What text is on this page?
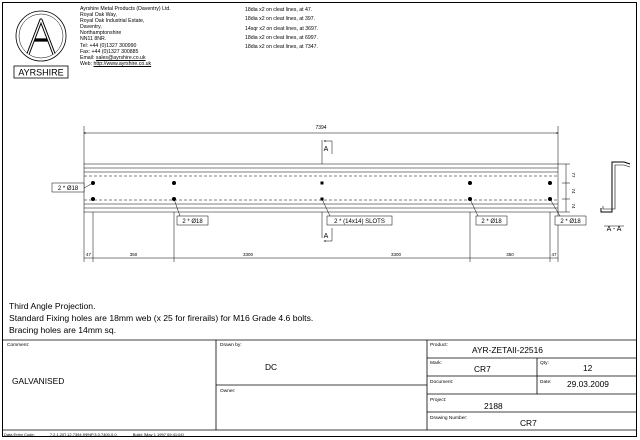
AYRSHIRE
Ayrshire Metal Products (Daventry) Ltd.
Royal Oak Way,
Royal Oak Industrial Estate,
Daventry,
Northamptonshire
NN11 8NR.
Tel: +44 (0)1327 300990
Fax: +44 (0)1327 300885
Email: sales@ayrshire.co.uk
Web: http://www.ayrshire.co.uk
18dia x2 on cleat lines, at 47.
18dia x2 on cleat lines, at 397.
14sqr x2 on cleat lines, at 3697.
18dia x2 on cleat lines, at 6997.
18dia x2 on cleat lines, at 7347.
7394
A
A
2 * Ø18
2 * Ø18	2 * (14x14) SLOTS	2 * Ø18	2 * Ø18
47	350	3300	3300	350	47
77
74
74
A - A
Third Angle Projection.
Standard Fixing holes are 18mm web (x 25 for firerails) for M16 Grade 4.6 bolts.
Bracing holes are 14mm sq.
Comment:
GALVANISED
Drawn by:
DC
Owner:
Product:	AYR-ZETAII-22516
Mark:
CR7
Qty:	12
Document:	Date: 29.03.2009
Project:
2188
Drawing Number:	CR7
Data Entry Code:	7,2,1,2/Π,12,7394,9ΦNP,3,0,7400,0,0,	Build: [May 1 1997 09:41:04]
